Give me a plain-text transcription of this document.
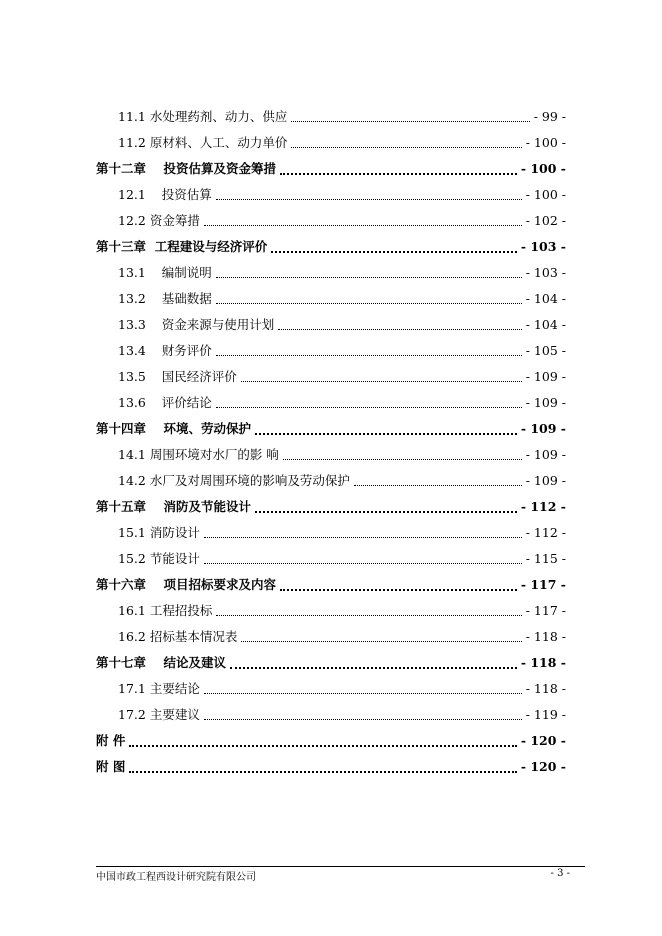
11.1 水处理药剂、动力、供应	- 99 -
11.2 原材料、人工、动力单价	- 100 -
第十二章 投资估算及资金筹措	- 100 -
12.1 投资估算	- 100 -
12.2 资金筹措	- 102 -
第十三章 工程建设与经济评价	- 103 -
13.1 编制说明	- 103 -
13.2 基础数据	- 104 -
13.3 资金来源与使用计划	- 104 -
13.4 财务评价	- 105 -
13.5 国民经济评价	- 109 -
13.6 评价结论	- 109 -
第十四章 环境、劳动保护	- 109 -
14.1 周围环境对水厂的影 响	- 109 -
14.2 水厂及对周围环境的影响及劳动保护	- 109 -
第十五章 消防及节能设计	- 112 -
15.1 消防设计	- 112 -
15.2 节能设计	- 115 -
第十六章 项目招标要求及内容	- 117 -
16.1 工程招投标	- 117 -
16.2 招标基本情况表	- 118 -
第十七章 结论及建议	- 118 -
17.1 主要结论	- 118 -
17.2 主要建议	- 119 -
附 件	- 120 -
附 图	- 120 -
中国市政工程西设计研究院有限公司	- 3 -
